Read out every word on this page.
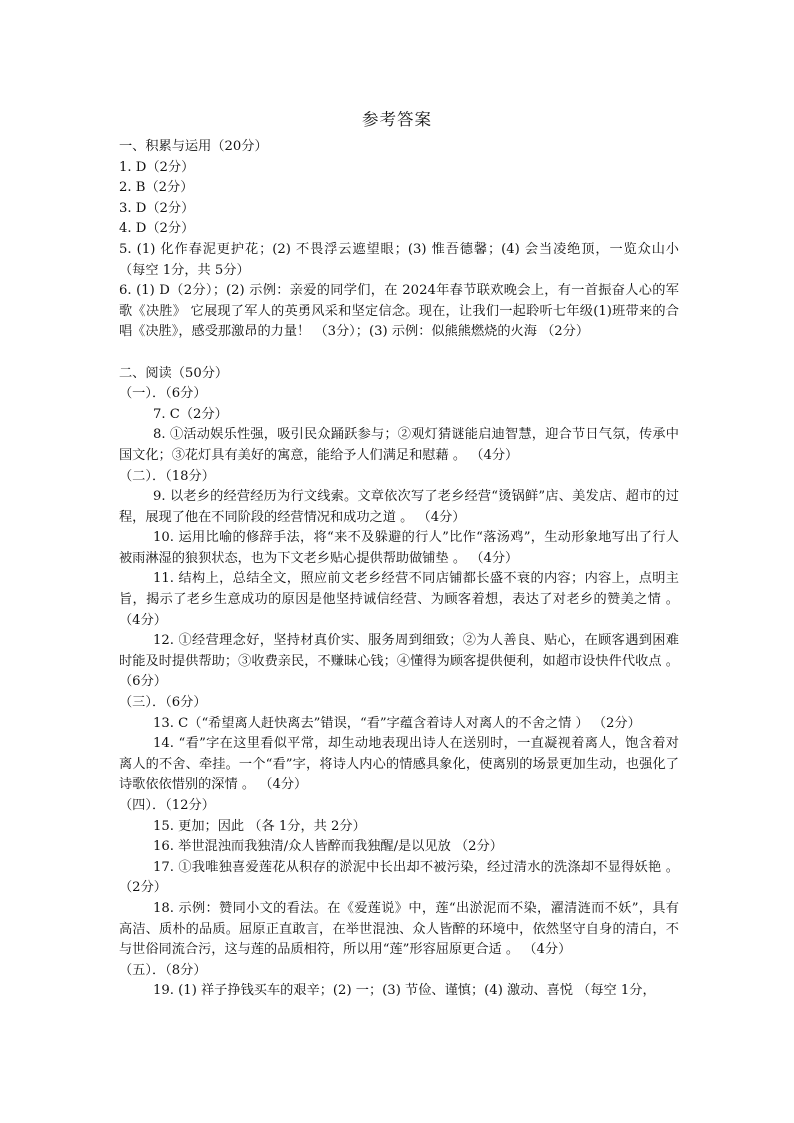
参考答案

一、积累与运用（20分）

1. D（2分）

2. B（2分）

3. D（2分）

4. D（2分）

5. (1) 化作春泥更护花；(2) 不畏浮云遮望眼；(3) 惟吾德馨；(4) 会当凌绝顶，一览众山小 （每空 1分，共 5分）

6. (1) D（2分）；(2) 示例：亲爱的同学们，在 2024年春节联欢晚会上，有一首振奋人心的军歌《决胜》 它展现了军人的英勇风采和坚定信念。现在，让我们一起聆听七年级(1)班带来的合唱《决胜》，感受那激昂的力量！ （3分）；(3) 示例：似熊熊燃烧的火海 （2分）

二、阅读（50分）

（一）．（6分）

7. C（2分）

8. ①活动娱乐性强，吸引民众踊跃参与；②观灯猜谜能启迪智慧，迎合节日气氛，传承中国文化；③花灯具有美好的寓意，能给予人们满足和慰藉 。 （4分）

（二）．（18分）

9. 以老乡的经营经历为行文线索。文章依次写了老乡经营“烫锅鲜”店、美发店、超市的过程，展现了他在不同阶段的经营情况和成功之道 。 （4分）

10. 运用比喻的修辞手法，将“来不及躲避的行人”比作“落汤鸡”，生动形象地写出了行人被雨淋湿的狼狈状态，也为下文老乡贴心提供帮助做铺垫 。 （4分）

11. 结构上，总结全文，照应前文老乡经营不同店铺都长盛不衰的内容；内容上，点明主旨，揭示了老乡生意成功的原因是他坚持诚信经营、为顾客着想，表达了对老乡的赞美之情 。 （4分）

12. ①经营理念好，坚持材真价实、服务周到细致；②为人善良、贴心，在顾客遇到困难时能及时提供帮助；③收费亲民，不赚昧心钱；④懂得为顾客提供便利，如超市设快件代收点 。 （6分）

（三）．（6分）

13. C（“希望离人赶快离去”错误，“看”字蕴含着诗人对离人的不舍之情 ） （2分）

14. “看”字在这里看似平常，却生动地表现出诗人在送别时，一直凝视着离人，饱含着对离人的不舍、牵挂。一个“看”字，将诗人内心的情感具象化，使离别的场景更加生动，也强化了诗歌依依惜别的深情 。 （4分）

（四）．（12分）

15. 更加；因此 （各 1分，共 2分）

16. 举世混浊而我独清/众人皆醉而我独醒/是以见放 （2分）

17. ①我唯独喜爱莲花从积存的淤泥中长出却不被污染，经过清水的洗涤却不显得妖艳 。 （2分）

18. 示例：赞同小文的看法。在《爱莲说》中，莲“出淤泥而不染，濯清涟而不妖”，具有高洁、质朴的品质。屈原正直敢言，在举世混浊、众人皆醉的环境中，依然坚守自身的清白，不与世俗同流合污，这与莲的品质相符，所以用“莲”形容屈原更合适 。 （4分）

（五）．（8分）

19. (1) 祥子挣钱买车的艰辛；(2) 一；(3) 节俭、谨慎；(4) 激动、喜悦 （每空 1分，
